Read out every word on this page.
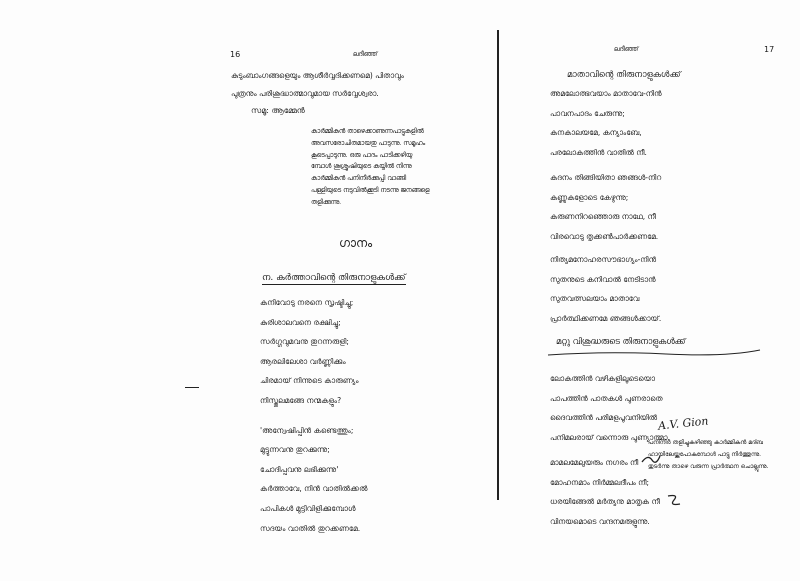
16	ലദീഞ്ഞ്
കുടുംബാംഗങ്ങളെയും ആശീർവ്വദിക്കണമെ) പിതാവും
പുത്രനും പരിശുദ്ധാത്മാവുമായ സർവ്വേശ്വരാ.
സമൂ: ആമ്മേൻ
കാർമ്മികൻ താഴെക്കാണുന്നപാട്ടുകളിൽ
അവസരോചിതമായതു പാടുന്നു. സമൂഹം
കൂടെപ്പാടുന്നു. ഒരു പാദം പാടിക്കഴിയു
മ്പോൾ ശുശ്രൂഷിയുടെ കയ്യിൽ നിന്നു
കാർമ്മികൻ പനിനീർക്കുപ്പി വാങ്ങി
പള്ളിയുടെ നടുവിൽക്കൂടി നടന്നു ജനങ്ങളെ
തളിക്കുന്നു.
ഗാനം
ന. കർത്താവിന്റെ തിരുനാളുകൾക്ക്
കനിവോടു നരനെ സൃഷ്ടിച്ചു;
കുരിശാലവനെ രക്ഷിച്ചു;
സർഗ്ഗവുമവനു തുറന്നരുളി;
ആരലിലേശാ വർണ്ണിക്കും
ചിരമായ് നിന്നുടെ കാരുണ്യം
നിസ്തുലമങ്ങേ നന്മകളും?
'അന്വേഷിപ്പിൻ കണ്ടെത്തും;
മുട്ടുന്നവനു തുറക്കുന്നു;
ചോദിപ്പവനു ലഭിക്കുന്നു'
കർത്താവേ, നിൻ വാതിൽക്കൽ
പാപികൾ മുട്ടിവിളിക്കുമ്പോൾ
സദയം വാതിൽ തുറക്കണമേ.
ലദീഞ്ഞ്	17
മാതാവിന്റെ തിരുനാളുകൾക്ക്
അമലോത്ഭവയാം മാതാവേ-നിൻ
പാവനപാദം ചേരുന്നു;
കനകാലയമേ, കന്യാംബേ,
പരലോകത്തിൻ വാതിൽ നീ.
കദനം തിങ്ങിയിതാ ഞങ്ങൾ-നിറ
കണ്ണുകളോടെ കേഴുന്നു;
കരുണനിറഞ്ഞൊരു നാഥേ, നീ
വിരവൊടു തൃക്കൺപാർക്കണമേ.
നിത്യമനോഹരസൗഭാഗ്യം-നിൻ
സുതനുടെ കനിവാൽ നേടിടാൻ
സുതവത്സലയാം മാതാവേ
പ്രാർത്ഥിക്കണമേ ഞങ്ങൾക്കായ്.
മറ്റു വിശുദ്ധരുടെ തിരുനാളുകൾക്ക്
ലോകത്തിൻ വഴികളിലൂടെയൊ
പാപത്തിൻ പാതകൾ പുണരാതെ
ദൈവത്തിൻ പരിമളപൂവനിയിൽ
പനിമലരായ് വന്നൊരു പുണ്യാത്മാ.
മാമലമേലുയരും നഗരം നീ
മോഹനമാം നിർമ്മലദീപം നീ;
ധരയിങ്ങേൽ മർത്യനു മാതൃക നീ
വിനയമൊടെ വന്ദനമരുളുന്നു.
A.V. Gion
പനിനീർ തളിച്ചുകഴിഞ്ഞു കാർമ്മികൻ മദ്ബ
ഹായിലേയ്ക്കുപോകുമ്പോൾ പാട്ടു നിർത്തുന്നു.
തുടർന്നു താഴെ വരുന്ന പ്രാർത്ഥന ചൊല്ലുന്നു.
